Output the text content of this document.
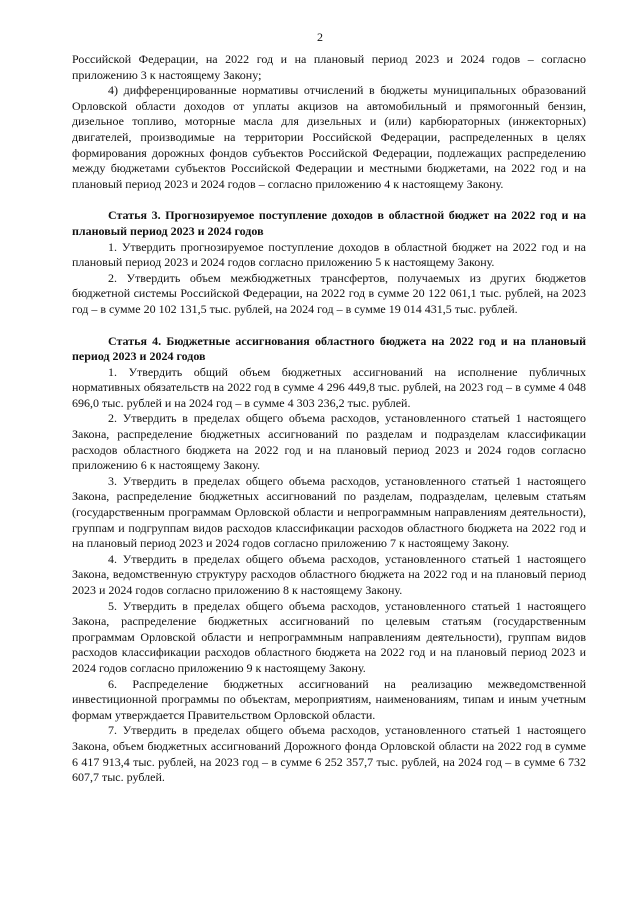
2

Российской Федерации, на 2022 год и на плановый период 2023 и 2024 годов – согласно приложению 3 к настоящему Закону;

4) дифференцированные нормативы отчислений в бюджеты муниципальных образований Орловской области доходов от уплаты акцизов на автомобильный и прямогонный бензин, дизельное топливо, моторные масла для дизельных и (или) карбюраторных (инжекторных) двигателей, производимые на территории Российской Федерации, распределенных в целях формирования дорожных фондов субъектов Российской Федерации, подлежащих распределению между бюджетами субъектов Российской Федерации и местными бюджетами, на 2022 год и на плановый период 2023 и 2024 годов – согласно приложению 4 к настоящему Закону.

Статья 3. Прогнозируемое поступление доходов в областной бюджет на 2022 год и на плановый период 2023 и 2024 годов

1. Утвердить прогнозируемое поступление доходов в областной бюджет на 2022 год и на плановый период 2023 и 2024 годов согласно приложению 5 к настоящему Закону.

2. Утвердить объем межбюджетных трансфертов, получаемых из других бюджетов бюджетной системы Российской Федерации, на 2022 год в сумме 20 122 061,1 тыс. рублей, на 2023 год – в сумме 20 102 131,5 тыс. рублей, на 2024 год – в сумме 19 014 431,5 тыс. рублей.

Статья 4. Бюджетные ассигнования областного бюджета на 2022 год и на плановый период 2023 и 2024 годов

1. Утвердить общий объем бюджетных ассигнований на исполнение публичных нормативных обязательств на 2022 год в сумме 4 296 449,8 тыс. рублей, на 2023 год – в сумме 4 048 696,0 тыс. рублей и на 2024 год – в сумме 4 303 236,2 тыс. рублей.

2. Утвердить в пределах общего объема расходов, установленного статьей 1 настоящего Закона, распределение бюджетных ассигнований по разделам и подразделам классификации расходов областного бюджета на 2022 год и на плановый период 2023 и 2024 годов согласно приложению 6 к настоящему Закону.

3. Утвердить в пределах общего объема расходов, установленного статьей 1 настоящего Закона, распределение бюджетных ассигнований по разделам, подразделам, целевым статьям (государственным программам Орловской области и непрограммным направлениям деятельности), группам и подгруппам видов расходов классификации расходов областного бюджета на 2022 год и на плановый период 2023 и 2024 годов согласно приложению 7 к настоящему Закону.

4. Утвердить в пределах общего объема расходов, установленного статьей 1 настоящего Закона, ведомственную структуру расходов областного бюджета на 2022 год и на плановый период 2023 и 2024 годов согласно приложению 8 к настоящему Закону.

5. Утвердить в пределах общего объема расходов, установленного статьей 1 настоящего Закона, распределение бюджетных ассигнований по целевым статьям (государственным программам Орловской области и непрограммным направлениям деятельности), группам видов расходов классификации расходов областного бюджета на 2022 год и на плановый период 2023 и 2024 годов согласно приложению 9 к настоящему Закону.

6. Распределение бюджетных ассигнований на реализацию межведомственной инвестиционной программы по объектам, мероприятиям, наименованиям, типам и иным учетным формам утверждается Правительством Орловской области.

7. Утвердить в пределах общего объема расходов, установленного статьей 1 настоящего Закона, объем бюджетных ассигнований Дорожного фонда Орловской области на 2022 год в сумме 6 417 913,4 тыс. рублей, на 2023 год – в сумме 6 252 357,7 тыс. рублей, на 2024 год – в сумме 6 732 607,7 тыс. рублей.
